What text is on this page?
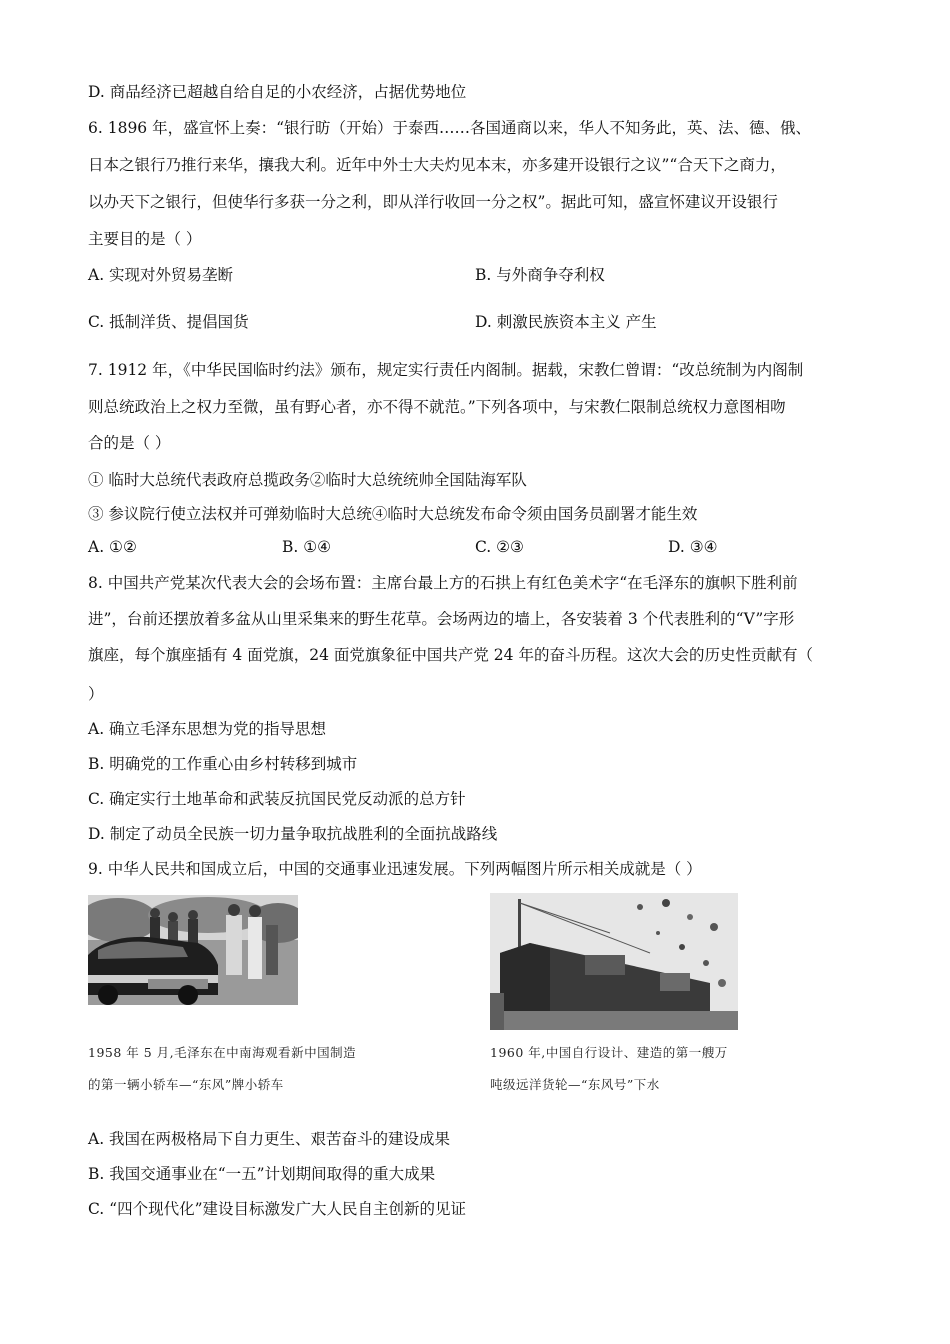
D. 商品经济已超越自给自足的小农经济，占据优势地位
6. 1896 年，盛宣怀上奏：“银行昉（开始）于泰西……各国通商以来，华人不知务此，英、法、德、俄、
日本之银行乃推行来华，攘我大利。近年中外士大夫灼见本末，亦多建开设银行之议”“合天下之商力，
以办天下之银行，但使华行多获一分之利，即从洋行收回一分之权”。据此可知，盛宣怀建议开设银行
主要目的是（ ）
A. 实现对外贸易垄断	B. 与外商争夺利权
C. 抵制洋货、提倡国货	D. 刺激民族资本主义 产生
7. 1912 年，《中华民国临时约法》颁布，规定实行责任内阁制。据载，宋教仁曾谓：“改总统制为内阁制
则总统政治上之权力至微，虽有野心者，亦不得不就范。”下列各项中，与宋教仁限制总统权力意图相吻
合的是（ ）
① 临时大总统代表政府总揽政务②临时大总统统帅全国陆海军队
③ 参议院行使立法权并可弹劾临时大总统④临时大总统发布命令须由国务员副署才能生效
A. ①②	B. ①④	C. ②③	D. ③④
8. 中国共产党某次代表大会的会场布置：主席台最上方的石拱上有红色美术字“在毛泽东的旗帜下胜利前
进”，台前还摆放着多盆从山里采集来的野生花草。会场两边的墙上，各安装着 3 个代表胜利的“V”字形
旗座，每个旗座插有 4 面党旗，24 面党旗象征中国共产党 24 年的奋斗历程。这次大会的历史性贡献有（
）
A. 确立毛泽东思想为党的指导思想
B. 明确党的工作重心由乡村转移到城市
C. 确定实行土地革命和武装反抗国民党反动派的总方针
D. 制定了动员全民族一切力量争取抗战胜利的全面抗战路线
9. 中华人民共和国成立后，中国的交通事业迅速发展。下列两幅图片所示相关成就是（ ）
1958 年 5 月,毛泽东在中南海观看新中国制造
的第一辆小轿车—“东风”牌小轿车
1960 年,中国自行设计、建造的第一艘万
吨级远洋货轮—“东风号”下水
A. 我国在两极格局下自力更生、艰苦奋斗的建设成果
B. 我国交通事业在“一五”计划期间取得的重大成果
C. “四个现代化”建设目标激发广大人民自主创新的见证
